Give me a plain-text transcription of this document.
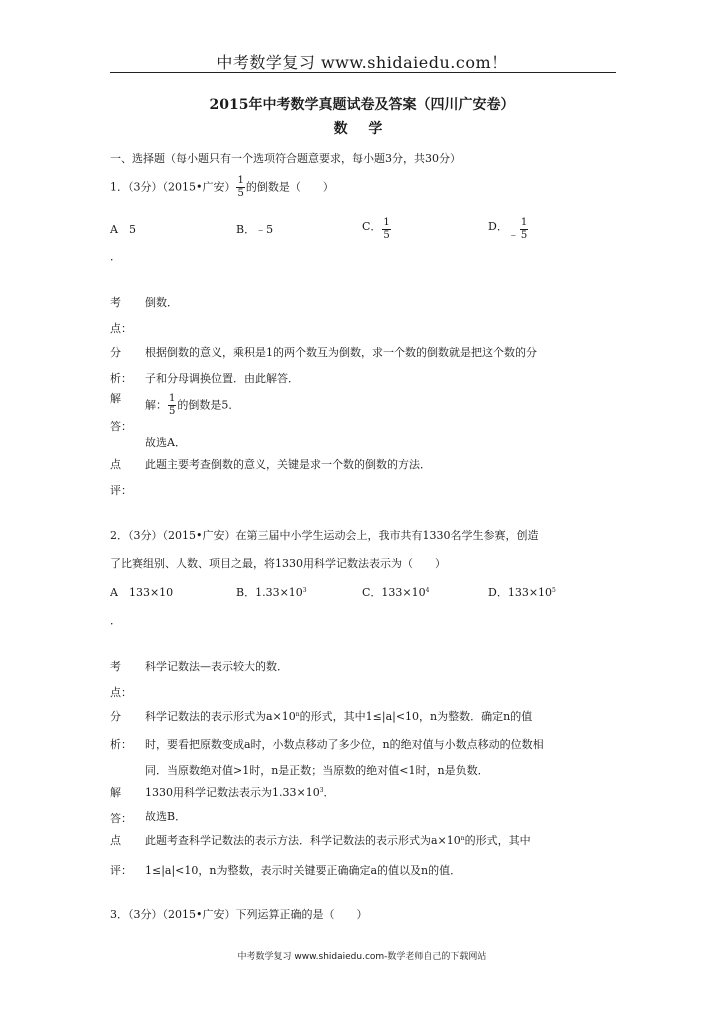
中考数学复习 www.shidaiedu.com！
2015年中考数学真题试卷及答案（四川广安卷）
数 学
一、选择题（每小题只有一个选项符合题意要求，每小题3分，共30分）
1．（3分）（2015•广安） $\frac{1}{5}$ 的倒数是（　　）
A　5	B．﹣5	C． $\frac{1}{5}$	D．﹣ $\frac{1}{5}$
．
考
点：
倒数．
分
析：
根据倒数的意义，乘积是1的两个数互为倒数，求一个数的倒数就是把这个数的分
子和分母调换位置．由此解答．
解
答：
解： $\frac{1}{5}$ 的倒数是5．
故选A．
点
评：
此题主要考查倒数的意义，关键是求一个数的倒数的方法．
2．（3分）（2015•广安）在第三届中小学生运动会上，我市共有1330名学生参赛，创造
了比赛组别、人数、项目之最，将1330用科学记数法表示为（　　）
A　133×10	B．$1.33\times 10^3$	C．$133\times 10^4$	D．$133\times 10^5$
．
考
点：
科学记数法—表示较大的数．
分
析：
科学记数法的表示形式为$a\times 10^n$的形式，其中1≤|a|<10，n为整数．确定n的值
时，要看把原数变成a时，小数点移动了多少位，n的绝对值与小数点移动的位数相
同．当原数绝对值>1时，n是正数；当原数的绝对值<1时，n是负数．
解
答：
1330用科学记数法表示为$1.33\times 10^3$．
故选B．
点
评：
此题考查科学记数法的表示方法．科学记数法的表示形式为$a\times 10^n$的形式，其中
1≤|a|<10，n为整数，表示时关键要正确确定a的值以及n的值．
3．（3分）（2015•广安）下列运算正确的是（　　）
中考数学复习 www.shidaiedu.com-数学老师自己的下载网站
